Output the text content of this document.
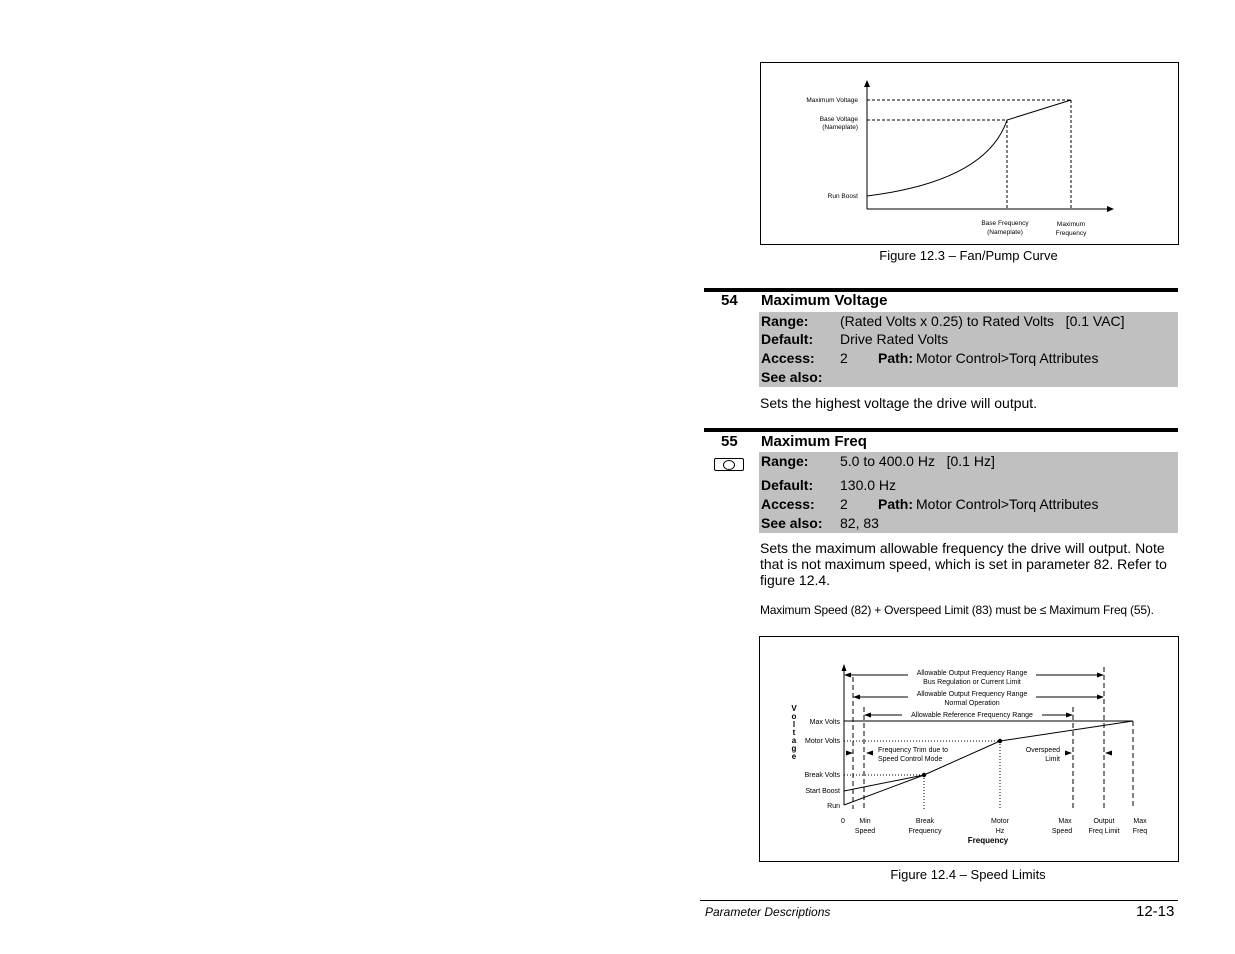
Maximum Voltage
Base Voltage
(Nameplate)
Run Boost
Base Frequency
(Nameplate)
Maximum
Frequency
Figure 12.3 – Fan/Pump Curve
54 Maximum Voltage
Range: (Rated Volts x 0.25) to Rated Volts   [0.1 VAC]
Default: Drive Rated Volts
Access: 2 Path: Motor Control>Torq Attributes
See also:
Sets the highest voltage the drive will output.
55 Maximum Freq
Range: 5.0 to 400.0 Hz   [0.1 Hz]
Default: 130.0 Hz
Access: 2 Path: Motor Control>Torq Attributes
See also: 82, 83
Sets the maximum allowable frequency the drive will output. Note that is not maximum speed, which is set in parameter 82. Refer to figure 12.4.
Maximum Speed (82) + Overspeed Limit (83) must be ≤ Maximum Freq (55).
Allowable Output Frequency Range
Bus Regulation or Current Limit
Allowable Output Frequency Range
Normal Operation
Allowable Reference Frequency Range
Frequency Trim due to
Speed Control Mode
Overspeed
Limit
Max Volts
Motor Volts
Break Volts
Start Boost
Run
V
o
l
t
a
g
e
0 Min
Speed
Break
Frequency
Motor
Hz
Max
Speed
Output
Freq Limit
Max
Freq
Frequency
Figure 12.4 – Speed Limits
Parameter Descriptions	12-13
